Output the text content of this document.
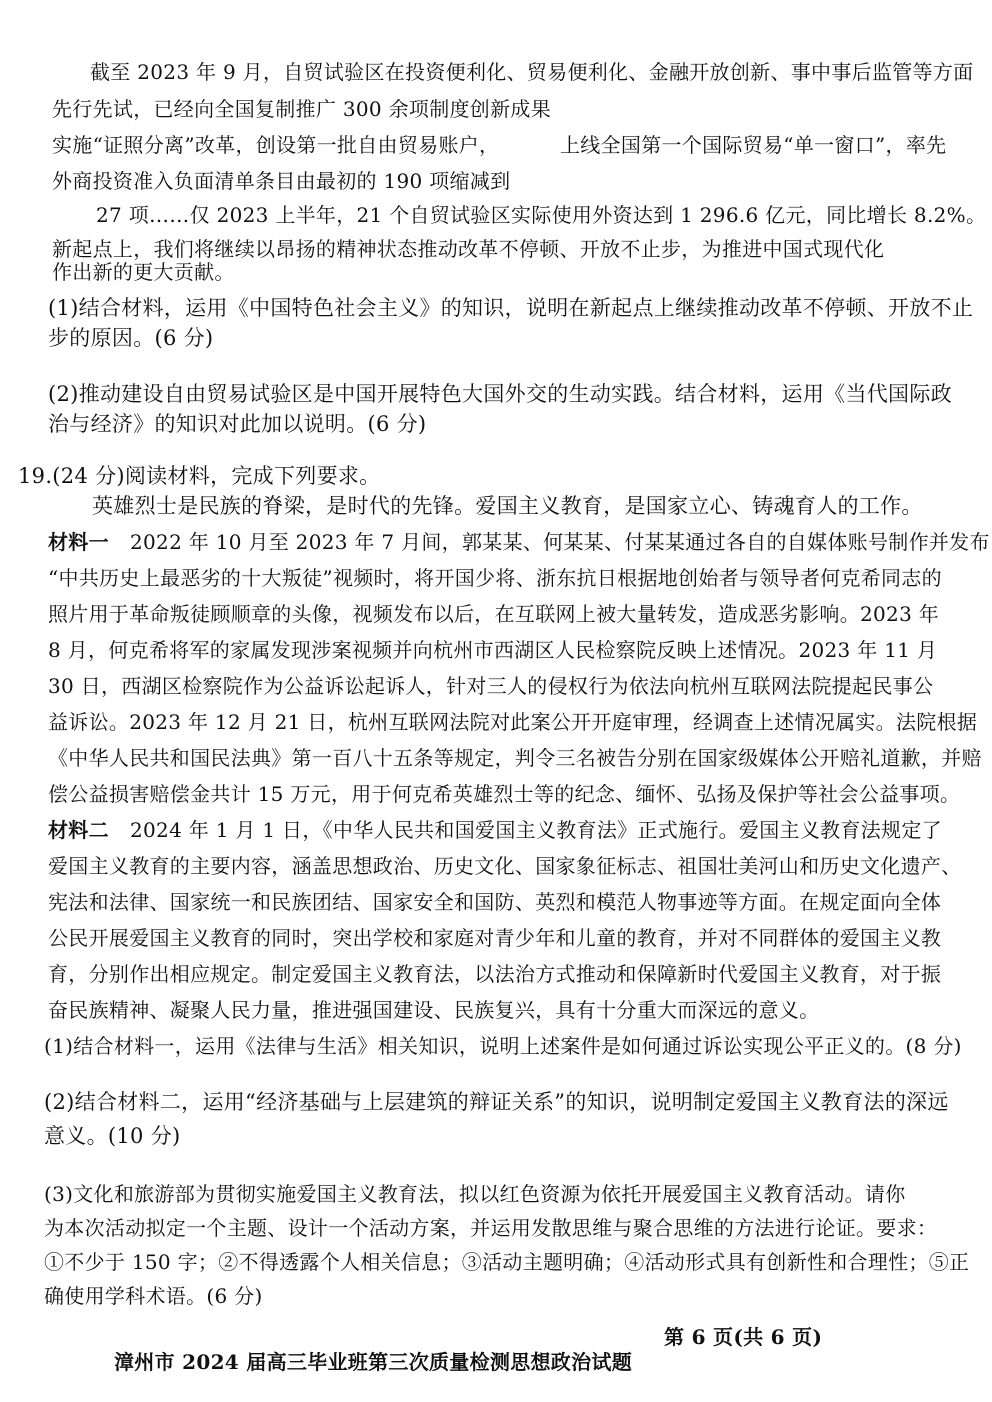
截至 2023 年 9 月，自贸试验区在投资便利化、贸易便利化、金融开放创新、事中事后监管等方面
先行先试，已经向全国复制推广 300 余项制度创新成果
实施“证照分离”改革，创设第一批自由贸易账户，	上线全国第一个国际贸易“单一窗口”，率先
外商投资准入负面清单条目由最初的 190 项缩减到
27 项……仅 2023 上半年，21 个自贸试验区实际使用外资达到 1 296.6 亿元，同比增长 8.2%。
新起点上，我们将继续以昂扬的精神状态推动改革不停顿、开放不止步，为推进中国式现代化
作出新的更大贡献。
(1)结合材料，运用《中国特色社会主义》的知识，说明在新起点上继续推动改革不停顿、开放不止
步的原因。(6 分)
(2)推动建设自由贸易试验区是中国开展特色大国外交的生动实践。结合材料，运用《当代国际政
治与经济》的知识对此加以说明。(6 分)
19.(24 分)阅读材料，完成下列要求。
英雄烈士是民族的脊梁，是时代的先锋。爱国主义教育，是国家立心、铸魂育人的工作。
材料一 2022 年 10 月至 2023 年 7 月间，郭某某、何某某、付某某通过各自的自媒体账号制作并发布
“中共历史上最恶劣的十大叛徒”视频时，将开国少将、浙东抗日根据地创始者与领导者何克希同志的
照片用于革命叛徒顾顺章的头像，视频发布以后，在互联网上被大量转发，造成恶劣影响。2023 年
8 月，何克希将军的家属发现涉案视频并向杭州市西湖区人民检察院反映上述情况。2023 年 11 月
30 日，西湖区检察院作为公益诉讼起诉人，针对三人的侵权行为依法向杭州互联网法院提起民事公
益诉讼。2023 年 12 月 21 日，杭州互联网法院对此案公开开庭审理，经调查上述情况属实。法院根据
《中华人民共和国民法典》第一百八十五条等规定，判令三名被告分别在国家级媒体公开赔礼道歉，并赔
偿公益损害赔偿金共计 15 万元，用于何克希英雄烈士等的纪念、缅怀、弘扬及保护等社会公益事项。
材料二 2024 年 1 月 1 日，《中华人民共和国爱国主义教育法》正式施行。爱国主义教育法规定了
爱国主义教育的主要内容，涵盖思想政治、历史文化、国家象征标志、祖国壮美河山和历史文化遗产、
宪法和法律、国家统一和民族团结、国家安全和国防、英烈和模范人物事迹等方面。在规定面向全体
公民开展爱国主义教育的同时，突出学校和家庭对青少年和儿童的教育，并对不同群体的爱国主义教
育，分别作出相应规定。制定爱国主义教育法，以法治方式推动和保障新时代爱国主义教育，对于振
奋民族精神、凝聚人民力量，推进强国建设、民族复兴，具有十分重大而深远的意义。
(1)结合材料一，运用《法律与生活》相关知识，说明上述案件是如何通过诉讼实现公平正义的。(8 分)
(2)结合材料二，运用“经济基础与上层建筑的辩证关系”的知识，说明制定爱国主义教育法的深远
意义。(10 分)
(3)文化和旅游部为贯彻实施爱国主义教育法，拟以红色资源为依托开展爱国主义教育活动。请你
为本次活动拟定一个主题、设计一个活动方案，并运用发散思维与聚合思维的方法进行论证。要求：
①不少于 150 字；②不得透露个人相关信息；③活动主题明确；④活动形式具有创新性和合理性；⑤正
确使用学科术语。(6 分)
漳州市 2024 届高三毕业班第三次质量检测思想政治试题
第 6 页(共 6 页)
